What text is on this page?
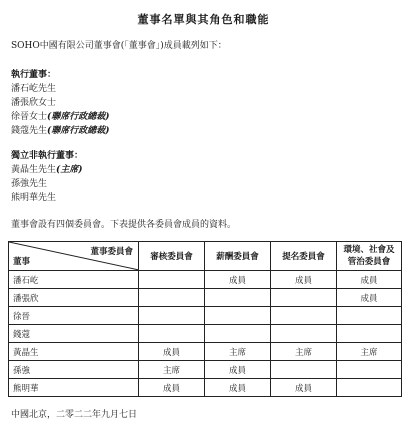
董事名單與其角色和職能
SOHO中國有限公司董事會(「董事會」)成員載列如下：
執行董事：
潘石屹先生
潘張欣女士
徐晉女士(聯席行政總裁)
錢蔻先生(聯席行政總裁)
獨立非執行董事：
黃晶生先生(主席)
孫強先生
熊明華先生
董事會設有四個委員會。下表提供各委員會成員的資料。
董事委員會
董事	審核委員會	薪酬委員會	提名委員會	環境、社會及
管治委員會
潘石屹		成員	成員	成員
潘張欣				成員
徐晉				
錢蔻				
黃晶生	成員	主席	主席	主席
孫強	主席	成員		
熊明華	成員	成員	成員	
中國北京，二零二二年九月七日
